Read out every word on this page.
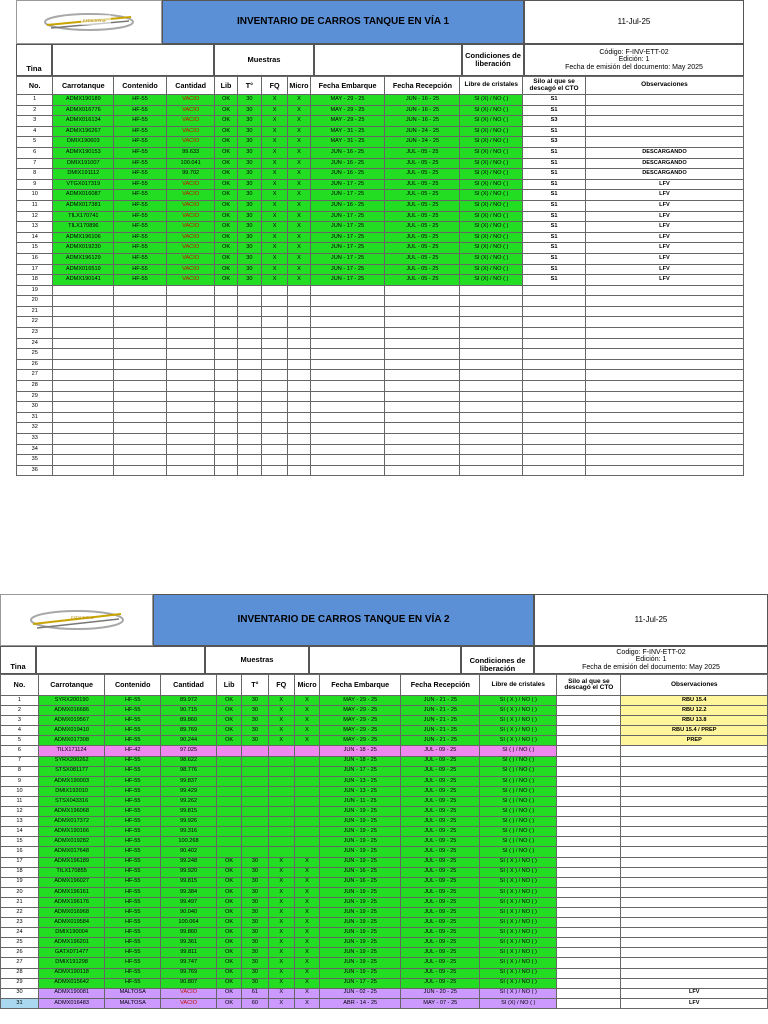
ESTACION de	INVENTARIO DE CARROS TANQUE EN VÍA 1	11-Jul-25
Muestras	Condiciones de liberación
Código: F-INV-ETT-02
Edición: 1
Fecha de emisión del documento: May 2025
Tina
No.	Carrotanque	Contenido	Cantidad	Lib	T°	FQ	Micro	Fecha Embarque	Fecha Recepción	Libre de cristales	Silo al que se descagó el CTO	Observaciones
1	ADMX190189	HF-55	VACIO	OK	30	X	X	MAY - 29 - 25	JUN - 16 - 25	SI (X) / NO ( )	S1	
2	ADMX016776	HF-55	VACIO	OK	30	X	X	MAY - 29 - 25	JUN - 16 - 25	SI (X) / NO ( )	S1	
3	ADMX016134	HF-55	VACIO	OK	30	X	X	MAY - 29 - 25	JUN - 16 - 25	SI (X) / NO ( )	S3	
4	ADMX196267	HF-55	VACIO	OK	30	X	X	MAY - 31 - 25	JUN - 24 - 25	SI (X) / NO ( )	S1	
5	DMIX190603	HF-55	VACIO	OK	30	X	X	MAY - 31 - 25	JUN - 24 - 25	SI (X) / NO ( )	S3	
6	ADMX190153	HF-55	99.633	OK	30	X	X	JUN - 16 - 25	JUL - 05 - 25	SI (X) / NO ( )	S1	DESCARGANDO
7	DMIX191007	HF-55	100.041	OK	30	X	X	JUN - 16 - 25	JUL - 05 - 25	SI (X) / NO ( )	S1	DESCARGANDO
8	DMIX191112	HF-55	99.702	OK	30	X	X	JUN - 16 - 25	JUL - 05 - 25	SI (X) / NO ( )	S1	DESCARGANDO
9	VTGX017319	HF-55	VACIO	OK	30	X	X	JUN - 17 - 25	JUL - 05 - 25	SI (X) / NO ( )	S1	LFV
10	ADMX016087	HF-55	VACIO	OK	30	X	X	JUN - 17 - 25	JUL - 05 - 25	SI (X) / NO ( )	S1	LFV
11	ADMX017381	HF-55	VACIO	OK	30	X	X	JUN - 16 - 25	JUL - 05 - 25	SI (X) / NO ( )	S1	LFV
12	TILX170741	HF-55	VACIO	OK	30	X	X	JUN - 17 - 25	JUL - 05 - 25	SI (X) / NO ( )	S1	LFV
13	TILX170896	HF-55	VACIO	OK	30	X	X	JUN - 17 - 25	JUL - 05 - 25	SI (X) / NO ( )	S1	LFV
14	ADMX196106	HF-55	VACIO	OK	30	X	X	JUN - 17 - 25	JUL - 05 - 25	SI (X) / NO ( )	S1	LFV
15	ADMX019230	HF-55	VACIO	OK	30	X	X	JUN - 17 - 25	JUL - 05 - 25	SI (X) / NO ( )	S1	LFV
16	ADMX196129	HF-55	VACIO	OK	30	X	X	JUN - 17 - 25	JUL - 05 - 25	SI (X) / NO ( )	S1	LFV
17	ADMX016519	HF-55	VACIO	OK	30	X	X	JUN - 17 - 25	JUL - 05 - 25	SI (X) / NO ( )	S1	LFV
18	ADMX190141	HF-55	VACIO	OK	30	X	X	JUN - 17 - 25	JUL - 05 - 25	SI (X) / NO ( )	S1	LFV
19												
20												
21												
22												
23												
24												
25												
26												
27												
28												
29												
30												
31												
32												
33												
34												
35												
36												
ESTACION de	INVENTARIO DE CARROS TANQUE EN VÍA 2	11-Jul-25
Muestras	Condiciones de liberación
Codigo: F-INV-ETT-02
Edición: 1
Fecha de emisión del documento: May 2025
Tina
No.	Carrotanque	Contenido	Cantidad	Lib	T°	FQ	Micro	Fecha Embarque	Fecha Recepción	Libre de cristales	Silo al que se descagó el CTO	Observaciones
1	SYRX200190	HF-55	89.972	OK	30	X	X	MAY - 29 - 25	JUN - 21 - 25	SI ( X ) / NO ( )		RBU 15.4
2	ADMX016686	HF-55	90.715	OK	30	X	X	MAY - 29 - 25	JUN - 21 - 25	SI ( X ) / NO ( )		RBU 12.2
3	ADMX019567	HF-55	89.860	OK	30	X	X	MAY - 29 - 25	JUN - 21 - 25	SI ( X ) / NO ( )		RBU 13.8
4	ADMX019410	HF-55	89.769	OK	30	X	X	MAY - 29 - 25	JUN - 21 - 25	SI ( X ) / NO ( )		RBU 15.4 / PREP
5	ADMX017308	HF-55	90.244	OK	30	X	X	MAY - 29 - 25	JUN - 21 - 25	SI ( X ) / NO ( )		PREP
6	TILX171124	HF-42	97.025					JUN - 18 - 25	JUL - 09 - 25	SI ( ) / NO ( )		
7	SYRX200262	HF-55	98.622					JUN - 18 - 25	JUL - 09 - 25	SI ( ) / NO ( )		
8	STSX081177	HF-55	98.776					JUN - 17 - 25	JUL - 09 - 25	SI ( ) / NO ( )		
9	ADMX190003	HF-55	99.837					JUN - 13 - 25	JUL - 09 - 25	SI ( ) / NO ( )		
10	DMIX192010	HF-55	99.429					JUN - 13 - 25	JUL - 09 - 25	SI ( ) / NO ( )		
11	STSX043316	HF-55	99.262					JUN - 11 - 25	JUL - 09 - 25	SI ( ) / NO ( )		
12	ADMX196068	HF-55	99.815					JUN - 19 - 25	JUL - 09 - 25	SI ( ) / NO ( )		
13	ADMX017372	HF-55	99.926					JUN - 19 - 25	JUL - 09 - 25	SI ( ) / NO ( )		
14	ADMX190166	HF-55	99.316					JUN - 19 - 25	JUL - 09 - 25	SI ( ) / NO ( )		
15	ADMX019282	HF-55	100.268					JUN - 19 - 25	JUL - 09 - 25	SI ( ) / NO ( )		
16	ADMX017648	HF-55	90.402					JUN - 19 - 25	JUL - 09 - 25	SI ( ) / NO ( )		
17	ADMX196189	HF-55	99.248	OK	30	X	X	JUN - 19 - 25	JUL - 09 - 25	SI ( X ) / NO ( )		
18	TILX170855	HF-55	99.920	OK	30	X	X	JUN - 16 - 25	JUL - 09 - 25	SI ( X ) / NO ( )		
19	ADMX196027	HF-55	99.815	OK	30	X	X	JUN - 16 - 25	JUL - 09 - 25	SI ( X ) / NO ( )		
20	ADMX196161	HF-55	99.384	OK	30	X	X	JUN - 19 - 25	JUL - 09 - 25	SI ( X ) / NO ( )		
21	ADMX196176	HF-55	99.497	OK	30	X	X	JUN - 19 - 25	JUL - 09 - 25	SI ( X ) / NO ( )		
22	ADMX016968	HF-55	90.040	OK	30	X	X	JUN - 19 - 25	JUL - 09 - 25	SI ( X ) / NO ( )		
23	ADMX019584	HF-55	100.064	OK	30	X	X	JUN - 19 - 25	JUL - 09 - 25	SI ( X ) / NO ( )		
24	DMIX190004	HF-55	99.860	OK	30	X	X	JUN - 19 - 25	JUL - 09 - 25	SI ( X ) / NO ( )		
25	ADMX196201	HF-55	99.361	OK	30	X	X	JUN - 19 - 25	JUL - 09 - 25	SI ( X ) / NO ( )		
26	GATX071477	HF-55	99.811	OK	30	X	X	JUN - 19 - 25	JUL - 09 - 25	SI ( X ) / NO ( )		
27	DMIX191298	HF-55	99.747	OK	30	X	X	JUN - 19 - 25	JUL - 09 - 25	SI ( X ) / NO ( )		
28	ADMX190118	HF-55	99.769	OK	30	X	X	JUN - 19 - 25	JUL - 09 - 25	SI ( X ) / NO ( )		
29	ADMX015642	HF-55	90.807	OK	30	X	X	JUN - 17 - 25	JUL - 09 - 25	SI ( X ) / NO ( )		
30	ADMX190081	MALTOSA	VACIO	OK	61	X	X	JUN - 02 - 25	JUN - 20 - 25	SI ( X ) / NO ( )		LFV
31	ADMX016483	MALTOSA	VACIO	OK	60	X	X	ABR - 14 - 25	MAY - 07 - 25	SI (X) / NO ( )		LFV
